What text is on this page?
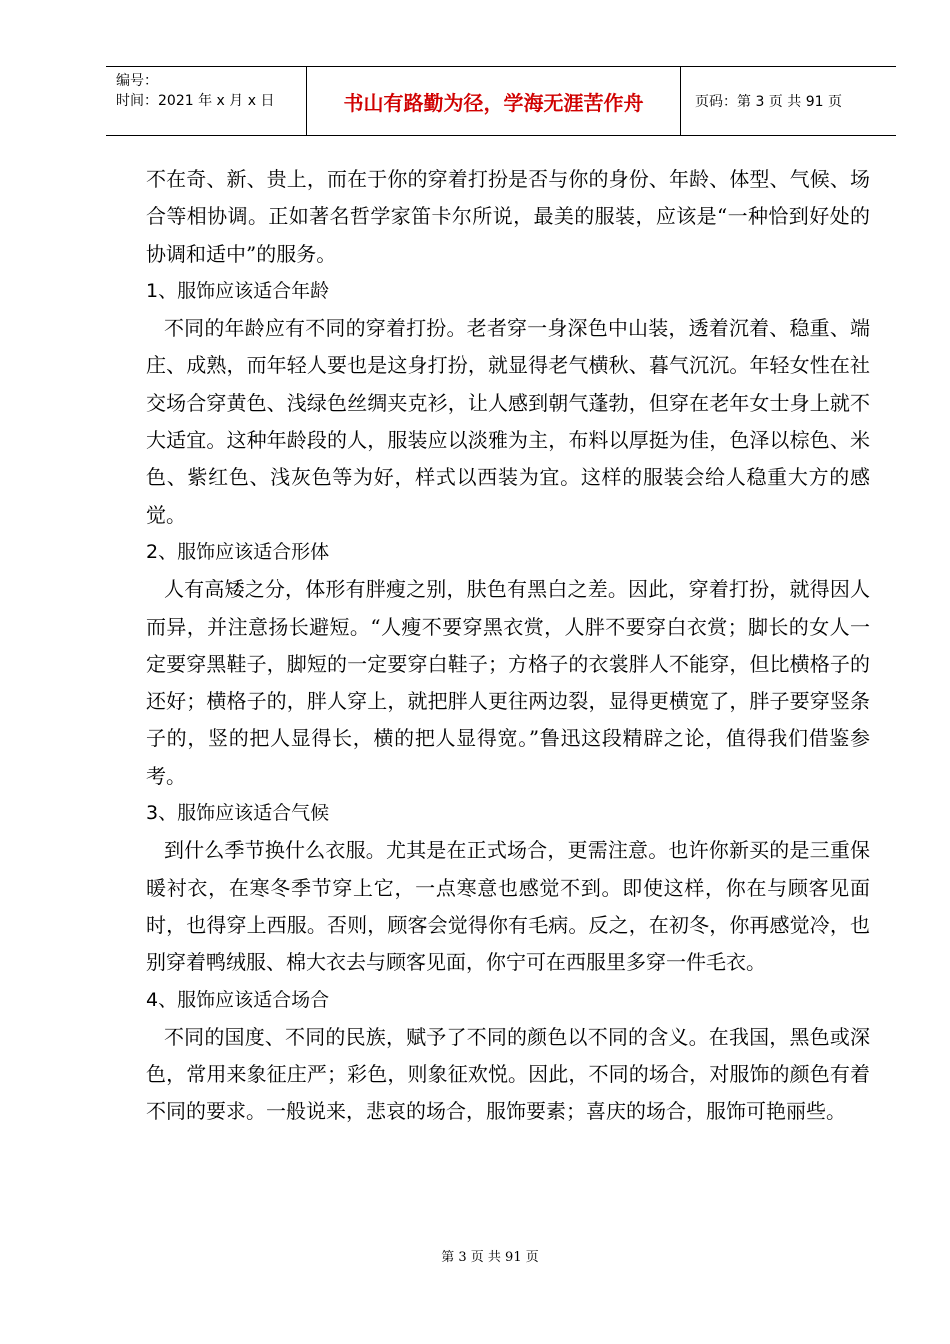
编号：
时间：2021 年 x 月 x 日	书山有路勤为径，学海无涯苦作舟	页码：第 3 页 共 91 页

不在奇、新、贵上，而在于你的穿着打扮是否与你的身份、年龄、体型、气候、场合等相协调。正如著名哲学家笛卡尔所说，最美的服装，应该是“一种恰到好处的协调和适中”的服务。

1、服饰应该适合年龄

不同的年龄应有不同的穿着打扮。老者穿一身深色中山装，透着沉着、稳重、端庄、成熟，而年轻人要也是这身打扮，就显得老气横秋、暮气沉沉。年轻女性在社交场合穿黄色、浅绿色丝绸夹克衫，让人感到朝气蓬勃，但穿在老年女士身上就不大适宜。这种年龄段的人，服装应以淡雅为主，布料以厚挺为佳，色泽以棕色、米色、紫红色、浅灰色等为好，样式以西装为宜。这样的服装会给人稳重大方的感觉。

2、服饰应该适合形体

人有高矮之分，体形有胖瘦之别，肤色有黑白之差。因此，穿着打扮，就得因人而异，并注意扬长避短。“人瘦不要穿黑衣赏，人胖不要穿白衣赏；脚长的女人一定要穿黑鞋子，脚短的一定要穿白鞋子；方格子的衣裳胖人不能穿，但比横格子的还好；横格子的，胖人穿上，就把胖人更往两边裂，显得更横宽了，胖子要穿竖条子的，竖的把人显得长，横的把人显得宽。”鲁迅这段精辟之论，值得我们借鉴参考。

3、服饰应该适合气候

到什么季节换什么衣服。尤其是在正式场合，更需注意。也许你新买的是三重保暖衬衣，在寒冬季节穿上它，一点寒意也感觉不到。即使这样，你在与顾客见面时，也得穿上西服。否则，顾客会觉得你有毛病。反之，在初冬，你再感觉冷，也别穿着鸭绒服、棉大衣去与顾客见面，你宁可在西服里多穿一件毛衣。

4、服饰应该适合场合

不同的国度、不同的民族，赋予了不同的颜色以不同的含义。在我国，黑色或深色，常用来象征庄严；彩色，则象征欢悦。因此，不同的场合，对服饰的颜色有着不同的要求。一般说来，悲哀的场合，服饰要素；喜庆的场合，服饰可艳丽些。

第 3 页 共 91 页
